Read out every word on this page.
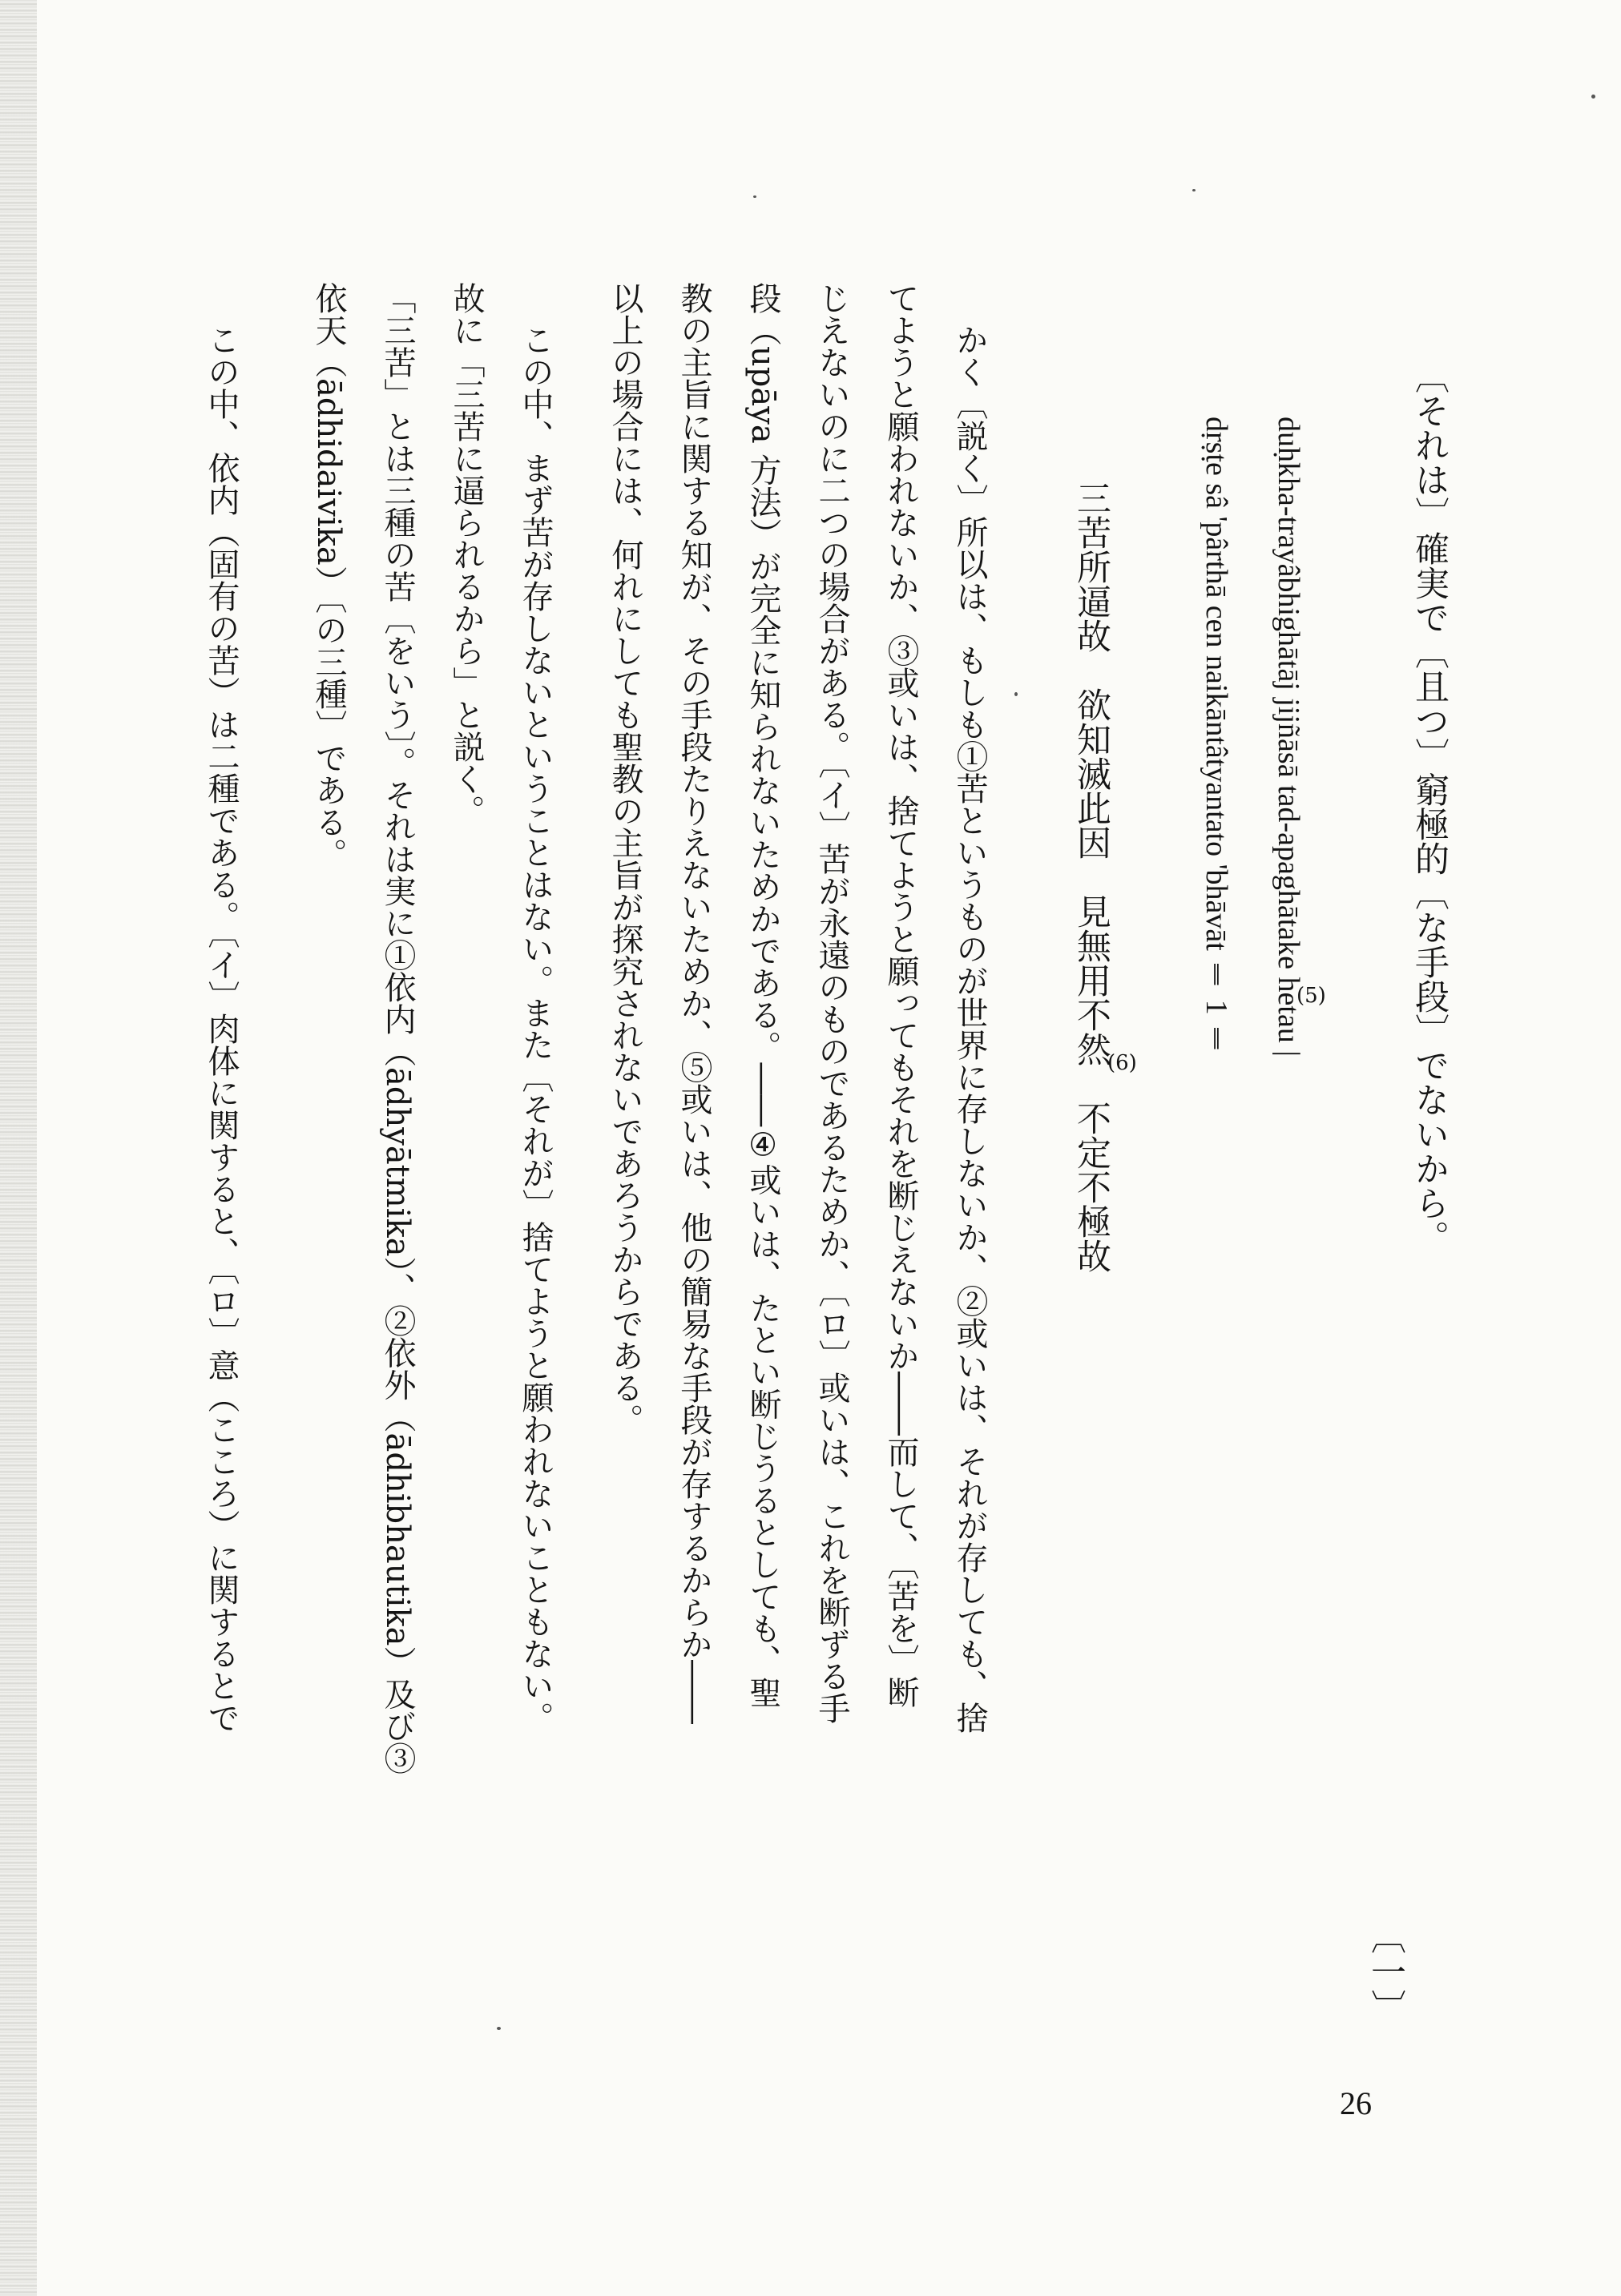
〔それは〕確実で〔且つ〕窮極的〔な手段〕でないから。
〔一〕
duḥkha-trayâbhighātāj jijñāsā tad-apaghātake hetau |
(5)
dṛṣṭe sâ 'pârthā cen naikāntâtyantato 'bhāvāt ‖ 1 ‖
三苦所逼故　欲知滅此因　見無用不然　不定不極故
(6)
かく〔説く〕所以は、もしも①苦というものが世界に存しないか、②或いは、それが存しても、捨
てようと願われないか、③或いは、捨てようと願ってもそれを断じえないか――而して、〔苦を〕断
じえないのに二つの場合がある。〔イ〕苦が永遠のものであるためか、〔ロ〕或いは、これを断ずる手
段（upāya 方法）が完全に知られないためかである。――④或いは、たとい断じうるとしても、聖
教の主旨に関する知が、その手段たりえないためか、⑤或いは、他の簡易な手段が存するからか――
以上の場合には、何れにしても聖教の主旨が探究されないであろうからである。
この中、まず苦が存しないということはない。また〔それが〕捨てようと願われないこともない。
故に「三苦に逼られるから」と説く。
「三苦」とは三種の苦〔をいう〕。それは実に①依内（ādhyātmika）、②依外（ādhibhautika）及び③
依天（ādhidaivika）〔の三種〕である。
この中、依内（固有の苦）は二種である。〔イ〕肉体に関すると、〔ロ〕意（こころ）に関するとで
26
